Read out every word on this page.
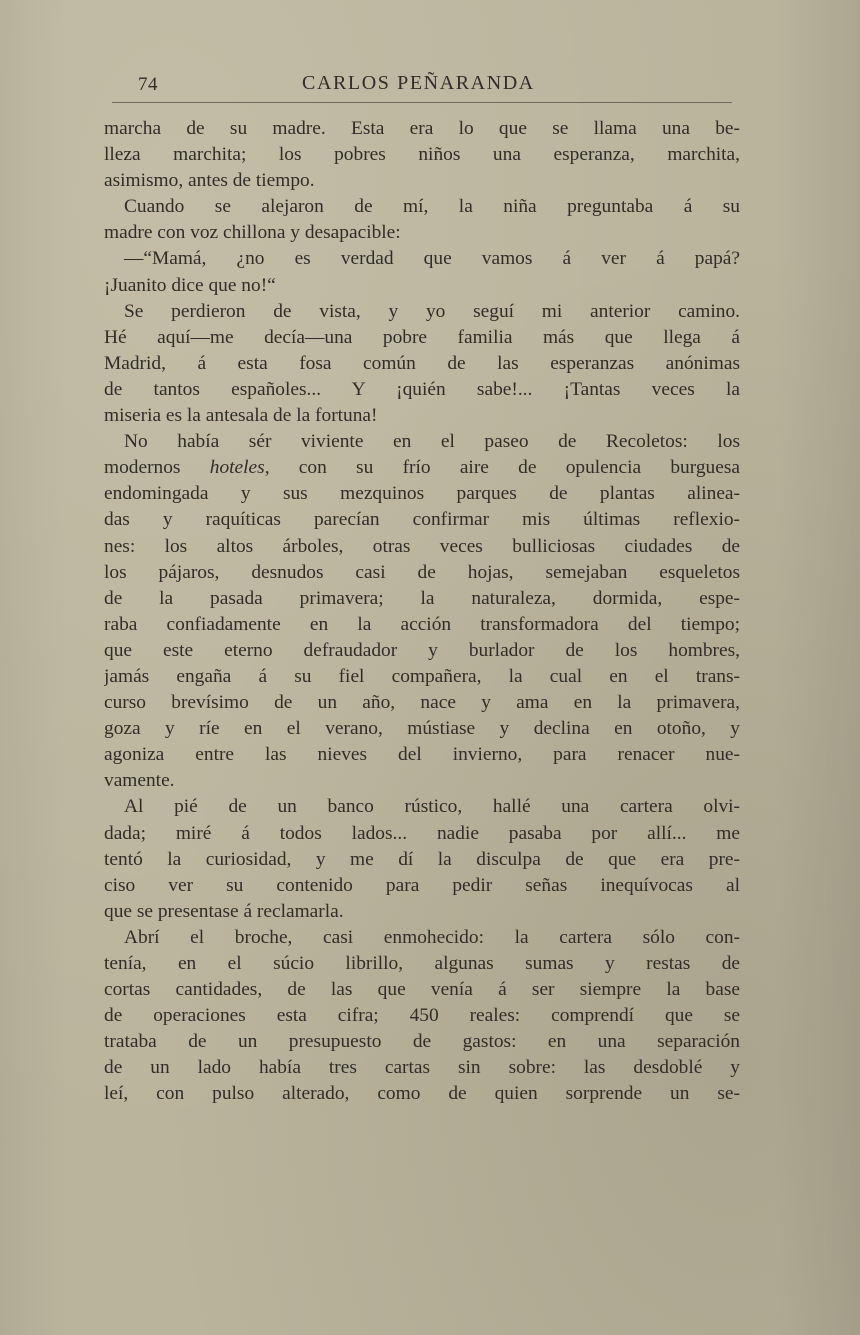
74	CARLOS PEÑARANDA
marcha de su madre. Esta era lo que se llama una be-
lleza marchita; los pobres niños una esperanza, marchita,
asimismo, antes de tiempo.
Cuando se alejaron de mí, la niña preguntaba á su
madre con voz chillona y desapacible:
—“Mamá, ¿no es verdad que vamos á ver á papá?
¡Juanito dice que no!“
Se perdieron de vista, y yo seguí mi anterior camino.
Hé aquí—me decía—una pobre familia más que llega á
Madrid, á esta fosa común de las esperanzas anónimas
de tantos españoles... Y ¡quién sabe!... ¡Tantas veces la
miseria es la antesala de la fortuna!
No había sér viviente en el paseo de Recoletos: los
modernos hoteles, con su frío aire de opulencia burguesa
endomingada y sus mezquinos parques de plantas alinea-
das y raquíticas parecían confirmar mis últimas reflexio-
nes: los altos árboles, otras veces bulliciosas ciudades de
los pájaros, desnudos casi de hojas, semejaban esqueletos
de la pasada primavera; la naturaleza, dormida, espe-
raba confiadamente en la acción transformadora del tiempo;
que este eterno defraudador y burlador de los hombres,
jamás engaña á su fiel compañera, la cual en el trans-
curso brevísimo de un año, nace y ama en la primavera,
goza y ríe en el verano, mústiase y declina en otoño, y
agoniza entre las nieves del invierno, para renacer nue-
vamente.
Al pié de un banco rústico, hallé una cartera olvi-
dada; miré á todos lados... nadie pasaba por allí... me
tentó la curiosidad, y me dí la disculpa de que era pre-
ciso ver su contenido para pedir señas inequívocas al
que se presentase á reclamarla.
Abrí el broche, casi enmohecido: la cartera sólo con-
tenía, en el súcio librillo, algunas sumas y restas de
cortas cantidades, de las que venía á ser siempre la base
de operaciones esta cifra; 450 reales: comprendí que se
trataba de un presupuesto de gastos: en una separación
de un lado había tres cartas sin sobre: las desdoblé y
leí, con pulso alterado, como de quien sorprende un se-
